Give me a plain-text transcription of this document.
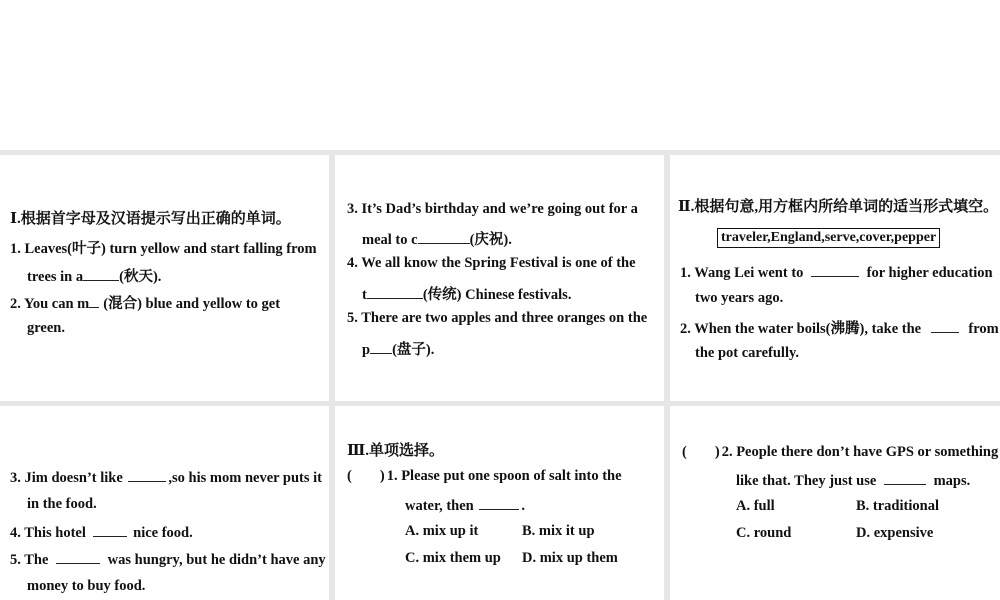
Ⅰ.根据首字母及汉语提示写出正确的单词。
1. Leaves(叶子) turn yellow and start falling from
trees in a (秋天).
2. You can m (混合) blue and yellow to get
green.
3. It’s Dad’s birthday and we’re going out for a
meal to c	(庆祝).
4. We all know the Spring Festival is one of the
t	(传统) Chinese festivals.
5. There are two apples and three oranges on the
p (盘子).
Ⅱ.根据句意,用方框内所给单词的适当形式填空。
traveler,England,serve,cover,pepper
1. Wang Lei went to	for higher education
two years ago.
2. When the water boils(沸腾), take the	from
the pot carefully.
3. Jim doesn’t like	,so his mom never puts it
in the food.
4. This hotel	nice food.
5. The	was hungry, but he didn’t have any
money to buy food.
Ⅲ.单项选择。
( ) 1. Please put one spoon of salt into the
water, then	.
A. mix up it	B. mix it up
C. mix them up D. mix up them
( ) 2. People there don’t have GPS or something
like that. They just use	maps.
A. full	B. traditional
C. round	D. expensive
